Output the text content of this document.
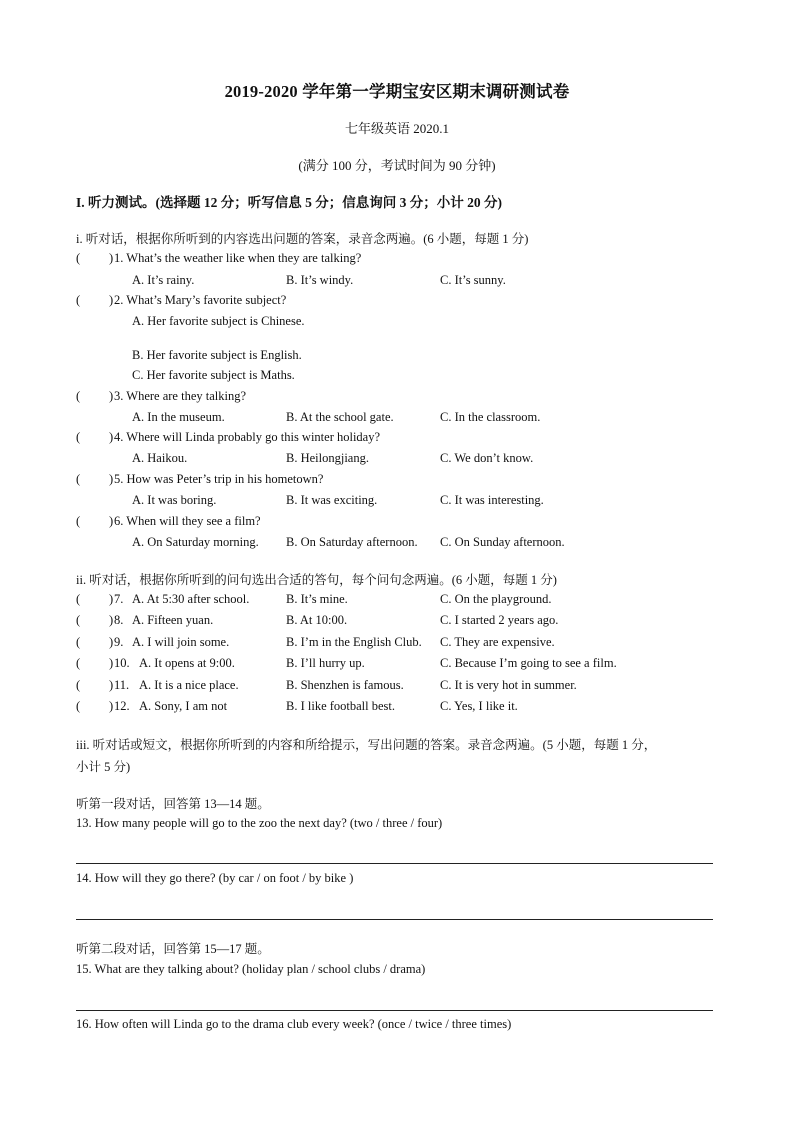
2019-2020 学年第一学期宝安区期末调研测试卷
七年级英语 2020.1
(满分 100 分，考试时间为 90 分钟)
I. 听力测试。(选择题 12 分；听写信息 5 分；信息询问 3 分；小计 20 分)
i. 听对话，根据你所听到的内容选出问题的答案，录音念两遍。(6 小题，每题 1 分)
( ) 1. What’s the weather like when they are talking?
A. It’s rainy.	B. It’s windy.	C. It’s sunny.
( ) 2. What’s Mary’s favorite subject?
A. Her favorite subject is Chinese.
B. Her favorite subject is English.
C. Her favorite subject is Maths.
( ) 3. Where are they talking?
A. In the museum.	B. At the school gate.	C. In the classroom.
( ) 4. Where will Linda probably go this winter holiday?
A. Haikou.	B. Heilongjiang.	C. We don’t know.
( ) 5. How was Peter’s trip in his hometown?
A. It was boring.	B. It was exciting.	C. It was interesting.
( ) 6. When will they see a film?
A. On Saturday morning. B. On Saturday afternoon. C. On Sunday afternoon.
ii. 听对话，根据你所听到的问句选出合适的答句，每个问句念两遍。(6 小题，每题 1 分)
( ) 7. A. At 5:30 after school.	B. It’s mine.	C. On the playground.
( ) 8. A. Fifteen yuan.	B. At 10:00.	C. I started 2 years ago.
( ) 9. A. I will join some.	B. I’m in the English Club. C. They are expensive.
( ) 10. A. It opens at 9:00.	B. I’ll hurry up.	C. Because I’m going to see a film.
( ) 11. A. It is a nice place.	B. Shenzhen is famous.	C. It is very hot in summer.
( ) 12. A. Sony, I am not	B. I like football best.	C. Yes, I like it.
iii. 听对话或短文，根据你所听到的内容和所给提示，写出问题的答案。录音念两遍。(5 小题，每题 1 分，
小计 5 分)
听第一段对话，回答第 13—14 题。
13. How many people will go to the zoo the next day? (two / three / four)
14. How will they go there? (by car / on foot / by bike )
听第二段对话，回答第 15—17 题。
15. What are they talking about? (holiday plan / school clubs / drama)
16. How often will Linda go to the drama club every week? (once / twice / three times)
